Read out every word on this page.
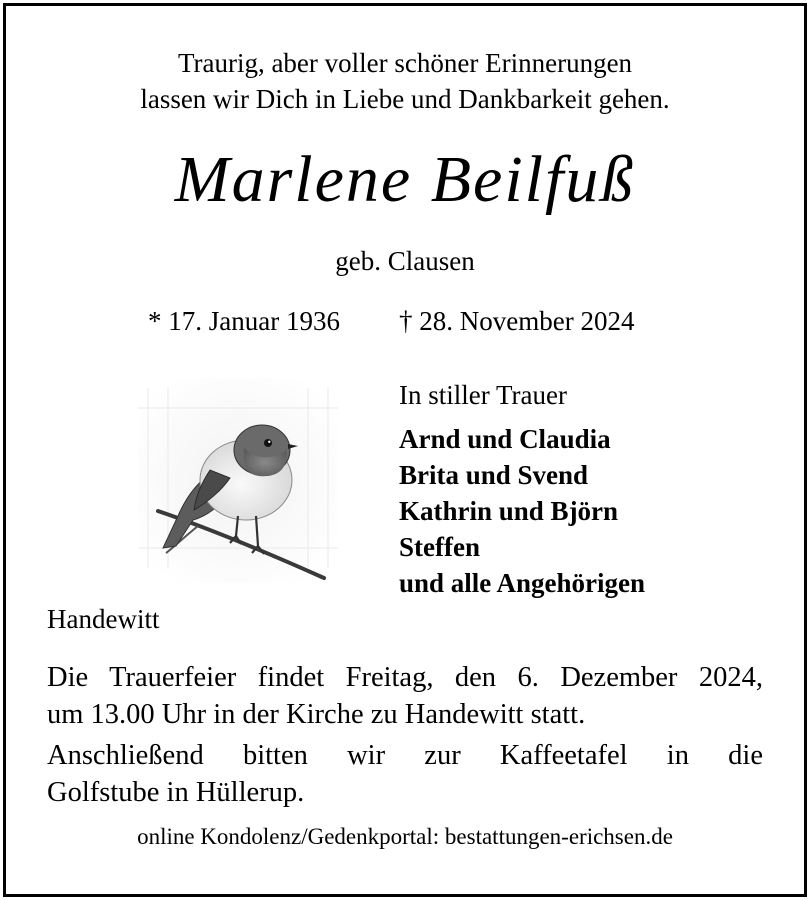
Traurig, aber voller schöner Erinnerungen
lassen wir Dich in Liebe und Dankbarkeit gehen.
Marlene Beilfuß
geb. Clausen
* 17. Januar 1936 † 28. November 2024
In stiller Trauer
Arnd und Claudia
Brita und Svend
Kathrin und Björn
Steffen
und alle Angehörigen
Handewitt
Die Trauerfeier findet Freitag, den 6. Dezember 2024,
um 13.00 Uhr in der Kirche zu Handewitt statt.
Anschließend bitten wir zur Kaffeetafel in die
Golfstube in Hüllerup.
online Kondolenz/Gedenkportal: bestattungen-erichsen.de
